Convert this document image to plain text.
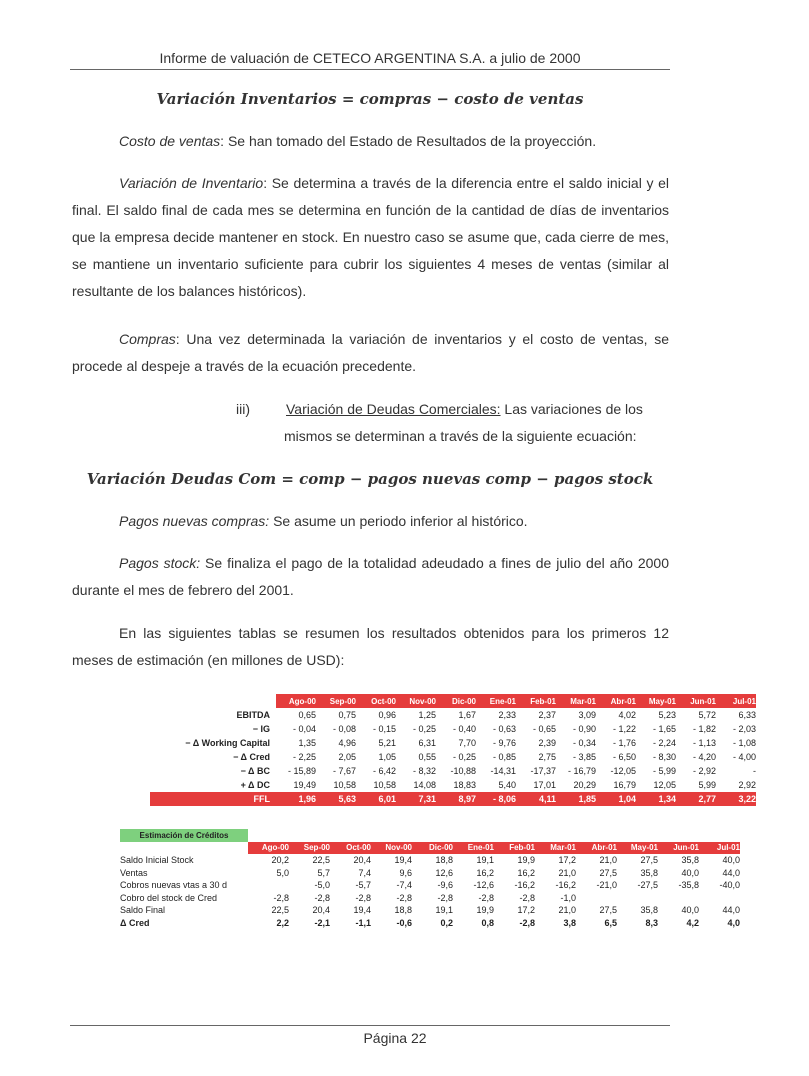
Informe de valuación de CETECO ARGENTINA S.A. a julio de 2000
Variación Inventarios = compras − costo de ventas
Costo de ventas: Se han tomado del Estado de Resultados de la proyección.
Variación de Inventario: Se determina a través de la diferencia entre el saldo inicial y el final. El saldo final de cada mes se determina en función de la cantidad de días de inventarios que la empresa decide mantener en stock. En nuestro caso se asume que, cada cierre de mes, se mantiene un inventario suficiente para cubrir los siguientes 4 meses de ventas (similar al resultante de los balances históricos).
Compras: Una vez determinada la variación de inventarios y el costo de ventas, se procede al despeje a través de la ecuación precedente.
iii)	Variación de Deudas Comerciales: Las variaciones de los
mismos se determinan a través de la siguiente ecuación:
Variación Deudas Com = comp − pagos nuevas comp − pagos stock
Pagos nuevas compras: Se asume un periodo inferior al histórico.
Pagos stock: Se finaliza el pago de la totalidad adeudado a fines de julio del año 2000 durante el mes de febrero del 2001.
En las siguientes tablas se resumen los resultados obtenidos para los primeros 12 meses de estimación (en millones de USD):
	Ago-00	Sep-00	Oct-00	Nov-00	Dic-00	Ene-01	Feb-01	Mar-01	Abr-01	May-01	Jun-01	Jul-01
EBITDA	0,65	0,75	0,96	1,25	1,67	2,33	2,37	3,09	4,02	5,23	5,72	6,33
− IG	- 0,04	- 0,08	- 0,15	- 0,25	- 0,40	- 0,63	- 0,65	- 0,90	- 1,22	- 1,65	- 1,82	- 2,03
− Δ Working Capital	1,35	4,96	5,21	6,31	7,70	- 9,76	2,39	- 0,34	- 1,76	- 2,24	- 1,13	- 1,08
− Δ Cred	- 2,25	2,05	1,05	0,55	- 0,25	- 0,85	2,75	- 3,85	- 6,50	- 8,30	- 4,20	- 4,00
− Δ BC	- 15,89	- 7,67	- 6,42	- 8,32	-10,88	-14,31	-17,37	- 16,79	-12,05	- 5,99	- 2,92	-
+ Δ DC	19,49	10,58	10,58	14,08	18,83	5,40	17,01	20,29	16,79	12,05	5,99	2,92
FFL	1,96	5,63	6,01	7,31	8,97	- 8,06	4,11	1,85	1,04	1,34	2,77	3,22
Estimación de Créditos												
	Ago-00	Sep-00	Oct-00	Nov-00	Dic-00	Ene-01	Feb-01	Mar-01	Abr-01	May-01	Jun-01	Jul-01
Saldo Inicial Stock	20,2	22,5	20,4	19,4	18,8	19,1	19,9	17,2	21,0	27,5	35,8	40,0
Ventas	5,0	5,7	7,4	9,6	12,6	16,2	16,2	21,0	27,5	35,8	40,0	44,0
Cobros nuevas vtas a 30 d		-5,0	-5,7	-7,4	-9,6	-12,6	-16,2	-16,2	-21,0	-27,5	-35,8	-40,0
Cobro del stock de Cred	-2,8	-2,8	-2,8	-2,8	-2,8	-2,8	-2,8	-1,0				
Saldo Final	22,5	20,4	19,4	18,8	19,1	19,9	17,2	21,0	27,5	35,8	40,0	44,0
Δ Cred	2,2	-2,1	-1,1	-0,6	0,2	0,8	-2,8	3,8	6,5	8,3	4,2	4,0
Página 22
